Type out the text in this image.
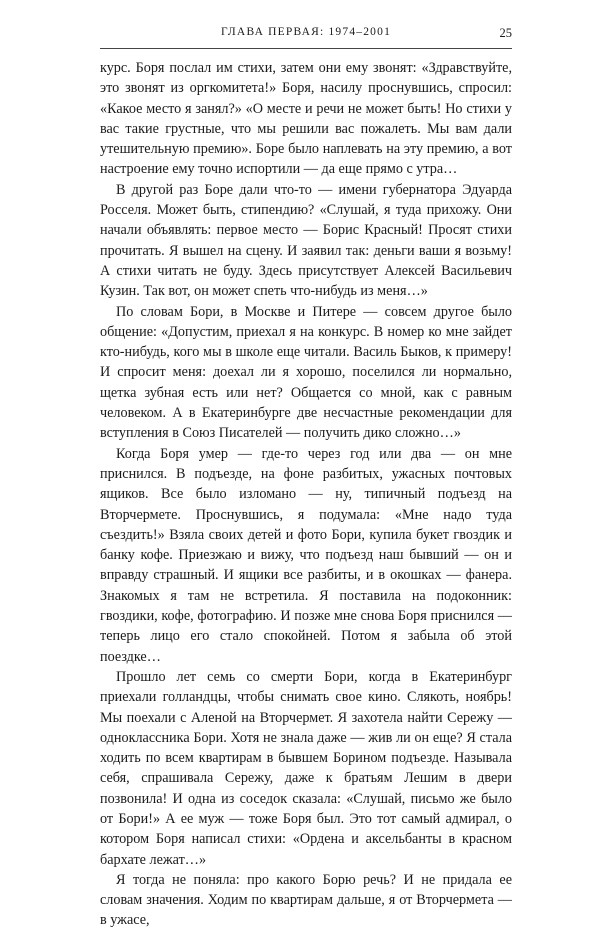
ГЛАВА ПЕРВАЯ: 1974–2001	25

курс. Боря послал им стихи, затем они ему звонят: «Здравствуйте, это звонят из оргкомитета!» Боря, насилу проснувшись, спросил: «Какое место я занял?» «О месте и речи не может быть! Но стихи у вас такие грустные, что мы решили вас пожалеть. Мы вам дали утешительную премию». Боре было наплевать на эту премию, а вот настроение ему точно испортили — да еще прямо с утра…

В другой раз Боре дали что-то — имени губернатора Эдуарда Росселя. Может быть, стипендию? «Слушай, я туда прихожу. Они начали объявлять: первое место — Борис Красный! Просят стихи прочитать. Я вышел на сцену. И заявил так: деньги ваши я возьму! А стихи читать не буду. Здесь присутствует Алексей Васильевич Кузин. Так вот, он может спеть что-нибудь из меня…»

По словам Бори, в Москве и Питере — совсем другое было общение: «Допустим, приехал я на конкурс. В номер ко мне зайдет кто-нибудь, кого мы в школе еще читали. Василь Быков, к примеру! И спросит меня: доехал ли я хорошо, поселился ли нормально, щетка зубная есть или нет? Общается со мной, как с равным человеком. А в Екатеринбурге две несчастные рекомендации для вступления в Союз Писателей — получить дико сложно…»

Когда Боря умер — где-то через год или два — он мне приснился. В подъезде, на фоне разбитых, ужасных почтовых ящиков. Все было изломано — ну, типичный подъезд на Вторчермете. Проснувшись, я подумала: «Мне надо туда съездить!» Взяла своих детей и фото Бори, купила букет гвоздик и банку кофе. Приезжаю и вижу, что подъезд наш бывший — он и вправду страшный. И ящики все разбиты, и в окошках — фанера. Знакомых я там не встретила. Я поставила на подоконник: гвоздики, кофе, фотографию. И позже мне снова Боря приснился — теперь лицо его стало спокойней. Потом я забыла об этой поездке…

Прошло лет семь со смерти Бори, когда в Екатеринбург приехали голландцы, чтобы снимать свое кино. Слякоть, ноябрь! Мы поехали с Аленой на Вторчермет. Я захотела найти Сережу — одноклассника Бори. Хотя не знала даже — жив ли он еще? Я стала ходить по всем квартирам в бывшем Борином подъезде. Называла себя, спрашивала Сережу, даже к братьям Лешим в двери позвонила! И одна из соседок сказала: «Слушай, письмо же было от Бори!» А ее муж — тоже Боря был. Это тот самый адмирал, о котором Боря написал стихи: «Ордена и аксельбанты в красном бархате лежат…»

Я тогда не поняла: про какого Борю речь? И не придала ее словам значения. Ходим по квартирам дальше, я от Вторчермета — в ужасе,
